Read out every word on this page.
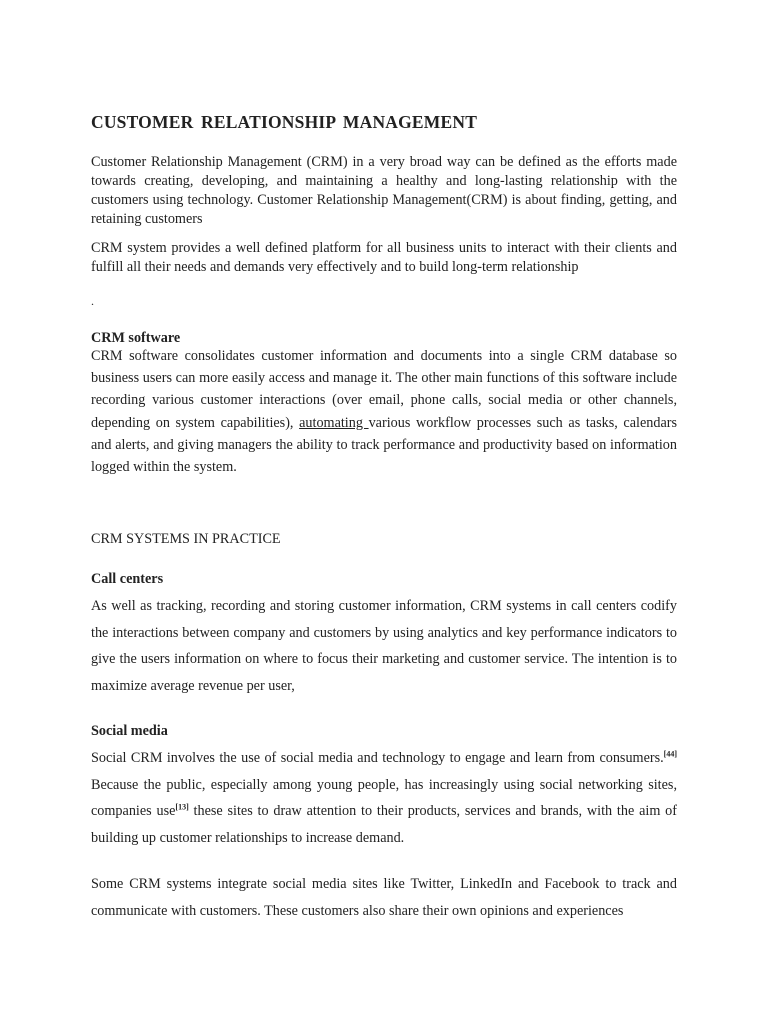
CUSTOMER RELATIONSHIP MANAGEMENT

Customer Relationship Management (CRM) in a very broad way can be defined as the efforts made towards creating, developing, and maintaining a healthy and long-lasting relationship with the customers using technology. Customer Relationship Management(CRM) is about finding, getting, and retaining customers

CRM system provides a well defined platform for all business units to interact with their clients and fulfill all their needs and demands very effectively and to build long-term relationship

.

CRM software

CRM software consolidates customer information and documents into a single CRM database so business users can more easily access and manage it. The other main functions of this software include recording various customer interactions (over email, phone calls, social media or other channels, depending on system capabilities), automating various workflow processes such as tasks, calendars and alerts, and giving managers the ability to track performance and productivity based on information logged within the system.

CRM SYSTEMS IN PRACTICE

Call centers

As well as tracking, recording and storing customer information, CRM systems in call centers codify the interactions between company and customers by using analytics and key performance indicators to give the users information on where to focus their marketing and customer service. The intention is to maximize average revenue per user,

Social media

Social CRM involves the use of social media and technology to engage and learn from consumers.[44] Because the public, especially among young people, has increasingly using social networking sites, companies use[13] these sites to draw attention to their products, services and brands, with the aim of building up customer relationships to increase demand.

Some CRM systems integrate social media sites like Twitter, LinkedIn and Facebook to track and communicate with customers. These customers also share their own opinions and experiences
